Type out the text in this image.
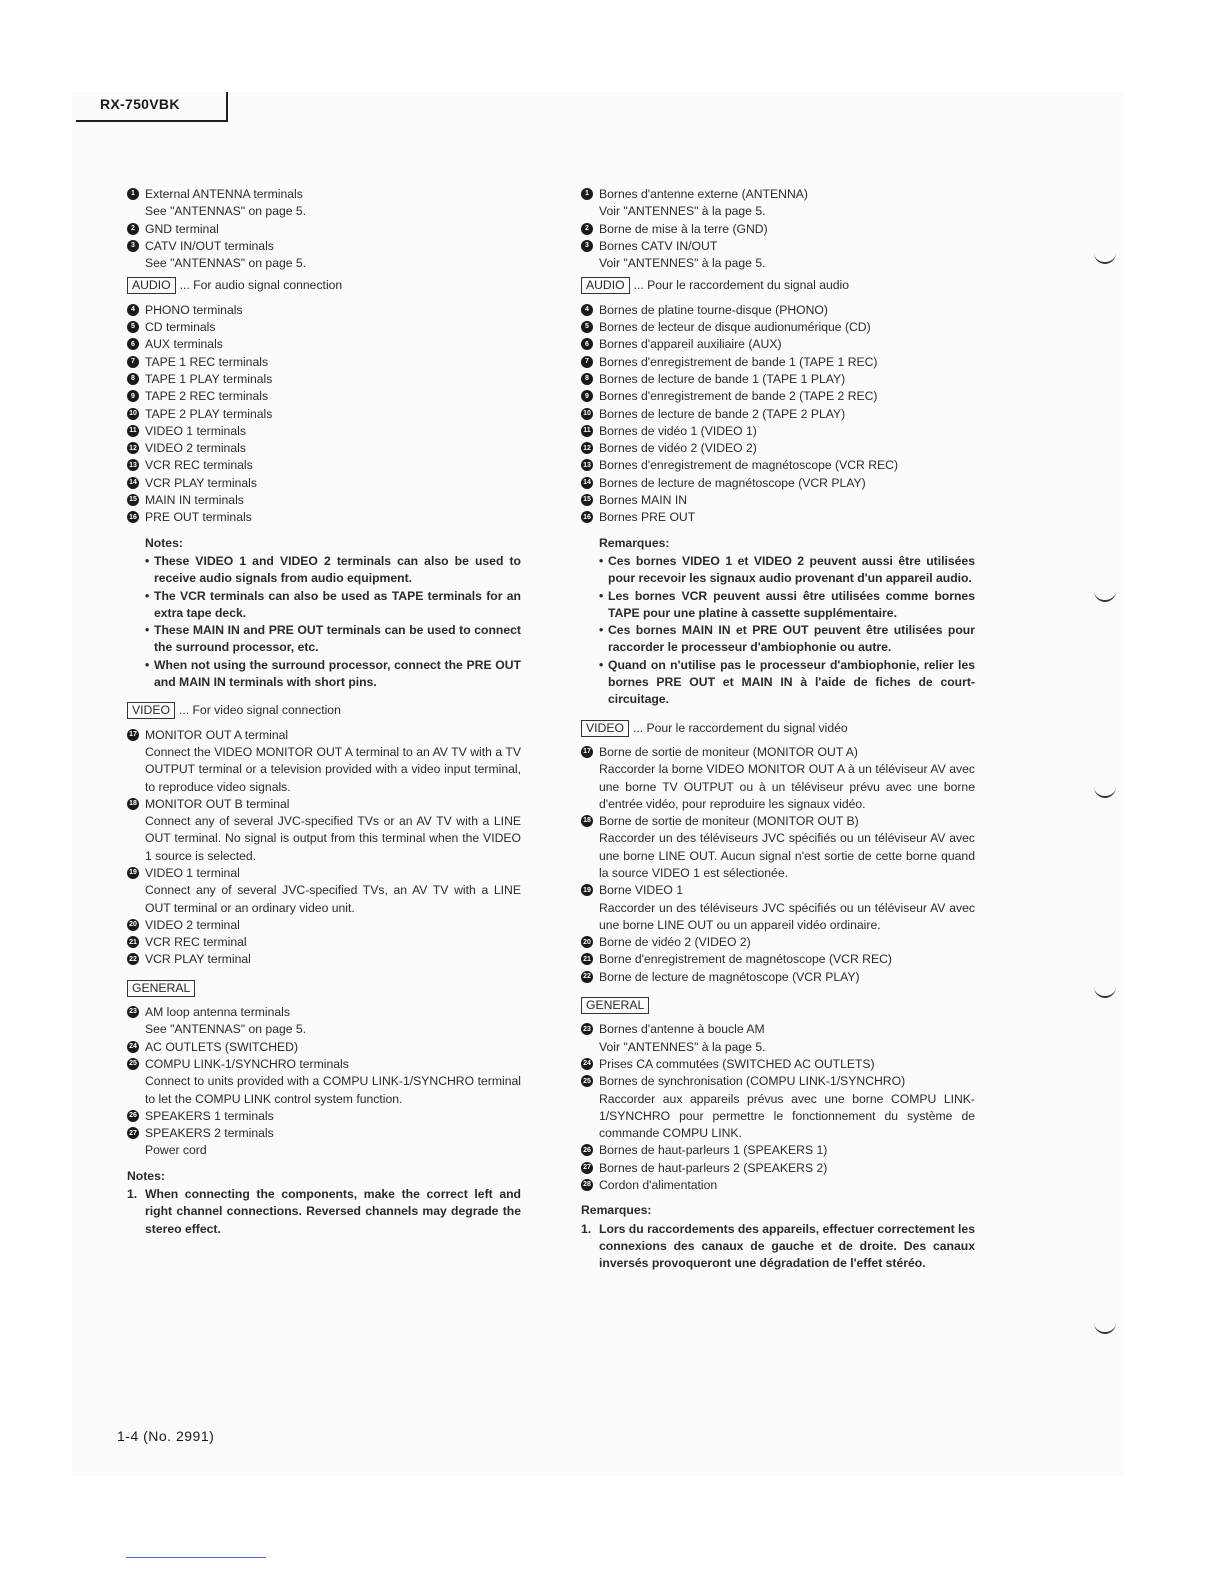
RX-750VBK
1 External ANTENNA terminals
See "ANTENNAS" on page 5.
2 GND terminal
3 CATV IN/OUT terminals
See "ANTENNAS" on page 5.
AUDIO ... For audio signal connection
4 PHONO terminals
5 CD terminals
6 AUX terminals
7 TAPE 1 REC terminals
8 TAPE 1 PLAY terminals
9 TAPE 2 REC terminals
10 TAPE 2 PLAY terminals
11 VIDEO 1 terminals
12 VIDEO 2 terminals
13 VCR REC terminals
14 VCR PLAY terminals
15 MAIN IN terminals
16 PRE OUT terminals
Notes:
• These VIDEO 1 and VIDEO 2 terminals can also be used to receive audio signals from audio equipment.
• The VCR terminals can also be used as TAPE terminals for an extra tape deck.
• These MAIN IN and PRE OUT terminals can be used to connect the surround processor, etc.
• When not using the surround processor, connect the PRE OUT and MAIN IN terminals with short pins.
VIDEO ... For video signal connection
17 MONITOR OUT A terminal
Connect the VIDEO MONITOR OUT A terminal to an AV TV with a TV OUTPUT terminal or a television provided with a video input terminal, to reproduce video signals.
18 MONITOR OUT B terminal
Connect any of several JVC-specified TVs or an AV TV with a LINE OUT terminal. No signal is output from this terminal when the VIDEO 1 source is selected.
19 VIDEO 1 terminal
Connect any of several JVC-specified TVs, an AV TV with a LINE OUT terminal or an ordinary video unit.
20 VIDEO 2 terminal
21 VCR REC terminal
22 VCR PLAY terminal
GENERAL
23 AM loop antenna terminals
See "ANTENNAS" on page 5.
24 AC OUTLETS (SWITCHED)
25 COMPU LINK-1/SYNCHRO terminals
Connect to units provided with a COMPU LINK-1/SYNCHRO terminal to let the COMPU LINK control system function.
26 SPEAKERS 1 terminals
27 SPEAKERS 2 terminals
Power cord
Notes:
1. When connecting the components, make the correct left and right channel connections. Reversed channels may degrade the stereo effect.
1 Bornes d'antenne externe (ANTENNA)
Voir "ANTENNES" à la page 5.
2 Borne de mise à la terre (GND)
3 Bornes CATV IN/OUT
Voir "ANTENNES" à la page 5.
AUDIO ... Pour le raccordement du signal audio
4 Bornes de platine tourne-disque (PHONO)
5 Bornes de lecteur de disque audionumérique (CD)
6 Bornes d'appareil auxiliaire (AUX)
7 Bornes d'enregistrement de bande 1 (TAPE 1 REC)
8 Bornes de lecture de bande 1 (TAPE 1 PLAY)
9 Bornes d'enregistrement de bande 2 (TAPE 2 REC)
10 Bornes de lecture de bande 2 (TAPE 2 PLAY)
11 Bornes de vidéo 1 (VIDEO 1)
12 Bornes de vidéo 2 (VIDEO 2)
13 Bornes d'enregistrement de magnétoscope (VCR REC)
14 Bornes de lecture de magnétoscope (VCR PLAY)
15 Bornes MAIN IN
16 Bornes PRE OUT
Remarques:
• Ces bornes VIDEO 1 et VIDEO 2 peuvent aussi être utilisées pour recevoir les signaux audio provenant d'un appareil audio.
• Les bornes VCR peuvent aussi être utilisées comme bornes TAPE pour une platine à cassette supplémentaire.
• Ces bornes MAIN IN et PRE OUT peuvent être utilisées pour raccorder le processeur d'ambiophonie ou autre.
• Quand on n'utilise pas le processeur d'ambiophonie, relier les bornes PRE OUT et MAIN IN à l'aide de fiches de court-circuitage.
VIDEO ... Pour le raccordement du signal vidéo
17 Borne de sortie de moniteur (MONITOR OUT A)
Raccorder la borne VIDEO MONITOR OUT A à un téléviseur AV avec une borne TV OUTPUT ou à un téléviseur prévu avec une borne d'entrée vidéo, pour reproduire les signaux vidéo.
18 Borne de sortie de moniteur (MONITOR OUT B)
Raccorder un des téléviseurs JVC spécifiés ou un téléviseur AV avec une borne LINE OUT. Aucun signal n'est sortie de cette borne quand la source VIDEO 1 est sélectionée.
19 Borne VIDEO 1
Raccorder un des téléviseurs JVC spécifiés ou un téléviseur AV avec une borne LINE OUT ou un appareil vidéo ordinaire.
20 Borne de vidéo 2 (VIDEO 2)
21 Borne d'enregistrement de magnétoscope (VCR REC)
22 Borne de lecture de magnétoscope (VCR PLAY)
GENERAL
23 Bornes d'antenne à boucle AM
Voir "ANTENNES" à la page 5.
24 Prises CA commutées (SWITCHED AC OUTLETS)
25 Bornes de synchronisation (COMPU LINK-1/SYNCHRO)
Raccorder aux appareils prévus avec une borne COMPU LINK-1/SYNCHRO pour permettre le fonctionnement du système de commande COMPU LINK.
26 Bornes de haut-parleurs 1 (SPEAKERS 1)
27 Bornes de haut-parleurs 2 (SPEAKERS 2)
28 Cordon d'alimentation
Remarques:
1. Lors du raccordements des appareils, effectuer correctement les connexions des canaux de gauche et de droite. Des canaux inversés provoqueront une dégradation de l'effet stéréo.
1-4 (No. 2991)
